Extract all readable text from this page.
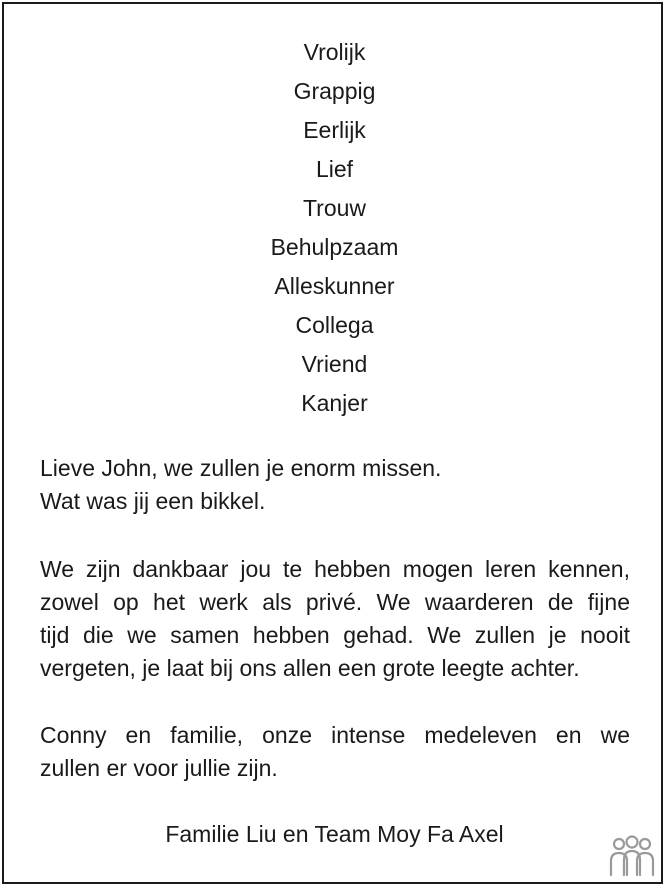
Vrolijk
Grappig
Eerlijk
Lief
Trouw
Behulpzaam
Alleskunner
Collega
Vriend
Kanjer
Lieve John, we zullen je enorm missen.
Wat was jij een bikkel.
We zijn dankbaar jou te hebben mogen leren kennen,
zowel op het werk als privé. We waarderen de fijne
tijd die we samen hebben gehad. We zullen je nooit
vergeten, je laat bij ons allen een grote leegte achter.
Conny en familie, onze intense medeleven en we
zullen er voor jullie zijn.
Familie Liu en Team Moy Fa Axel
